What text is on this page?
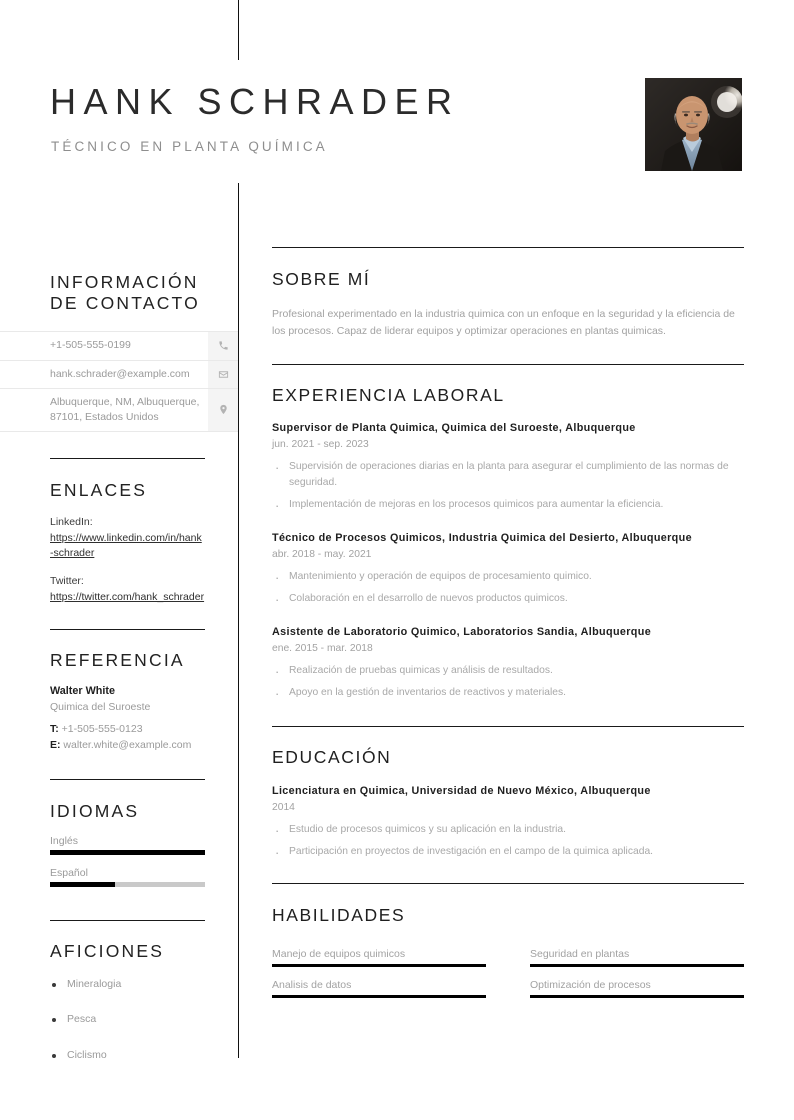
HANK SCHRADER
TÉCNICO EN PLANTA QUÍMICA
INFORMACIÓN
DE CONTACTO
+1-505-555-0199
hank.schrader@example.com
Albuquerque, NM, Albuquerque, 87101, Estados Unidos
ENLACES
LinkedIn:
https://www.linkedin.com/in/hank-schrader
Twitter:
https://twitter.com/hank_schrader
REFERENCIA
Walter White
Quimica del Suroeste
T: +1-505-555-0123
E: walter.white@example.com
IDIOMAS
Inglés
Español
AFICIONES
Mineralogia
Pesca
Ciclismo
SOBRE MÍ
Profesional experimentado en la industria quimica con un enfoque en la seguridad y la eficiencia de los procesos. Capaz de liderar equipos y optimizar operaciones en plantas quimicas.
EXPERIENCIA LABORAL
Supervisor de Planta Quimica, Quimica del Suroeste, Albuquerque
jun. 2021 - sep. 2023
· Supervisión de operaciones diarias en la planta para asegurar el cumplimiento de las normas de seguridad.
· Implementación de mejoras en los procesos quimicos para aumentar la eficiencia.
Técnico de Procesos Quimicos, Industria Quimica del Desierto, Albuquerque
abr. 2018 - may. 2021
· Mantenimiento y operación de equipos de procesamiento quimico.
· Colaboración en el desarrollo de nuevos productos quimicos.
Asistente de Laboratorio Quimico, Laboratorios Sandia, Albuquerque
ene. 2015 - mar. 2018
· Realización de pruebas quimicas y análisis de resultados.
· Apoyo en la gestión de inventarios de reactivos y materiales.
EDUCACIÓN
Licenciatura en Quimica, Universidad de Nuevo México, Albuquerque
2014
· Estudio de procesos quimicos y su aplicación en la industria.
· Participación en proyectos de investigación en el campo de la quimica aplicada.
HABILIDADES
Manejo de equipos quimicos	Seguridad en plantas
Analisis de datos	Optimización de procesos
